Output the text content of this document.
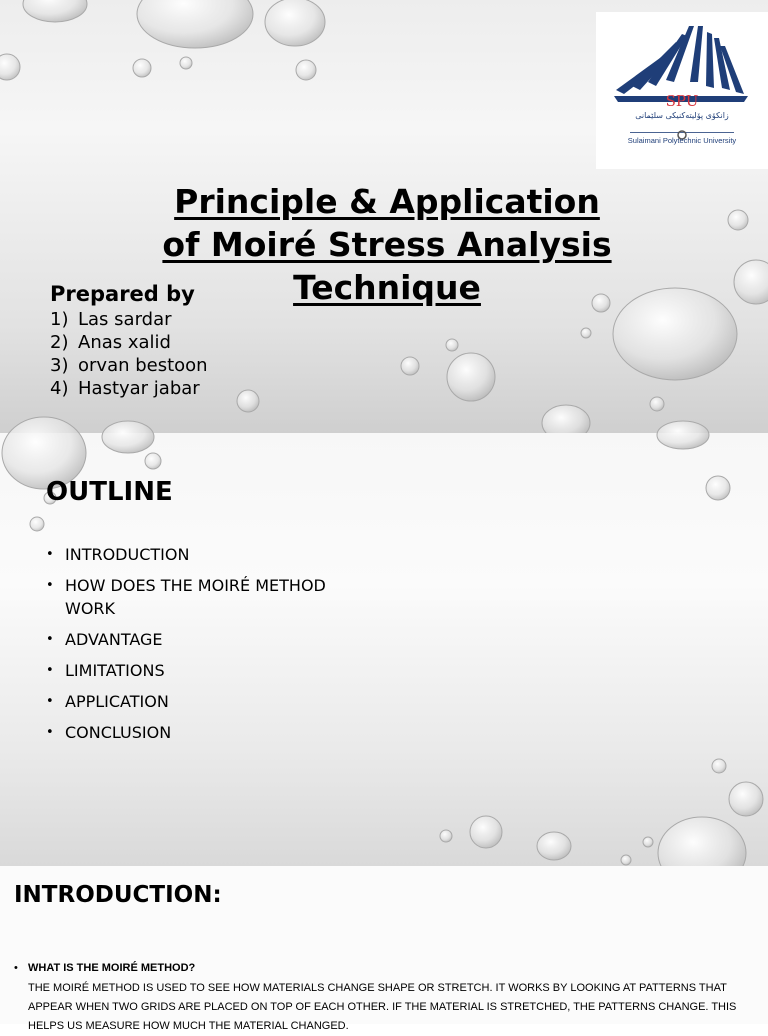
SPU
زانكۆی پۆلیتەكنیكی سلێمانی
Sulaimani Polytechnic University
Principle & Application
of Moiré Stress Analysis
Technique
Prepared by
1) Las sardar
2) Anas xalid
3) orvan bestoon
4) Hastyar jabar
OUTLINE
• INTRODUCTION
• HOW DOES THE MOIRÉ METHOD WORK
• ADVANTAGE
• LIMITATIONS
• APPLICATION
• CONCLUSION
INTRODUCTION:
• WHAT IS THE MOIRÉ METHOD?

THE MOIRÉ METHOD IS USED TO SEE HOW MATERIALS CHANGE SHAPE OR STRETCH. IT WORKS BY LOOKING AT PATTERNS THAT APPEAR WHEN TWO GRIDS ARE PLACED ON TOP OF EACH OTHER. IF THE MATERIAL IS STRETCHED, THE PATTERNS CHANGE. THIS HELPS US MEASURE HOW MUCH THE MATERIAL CHANGED.
